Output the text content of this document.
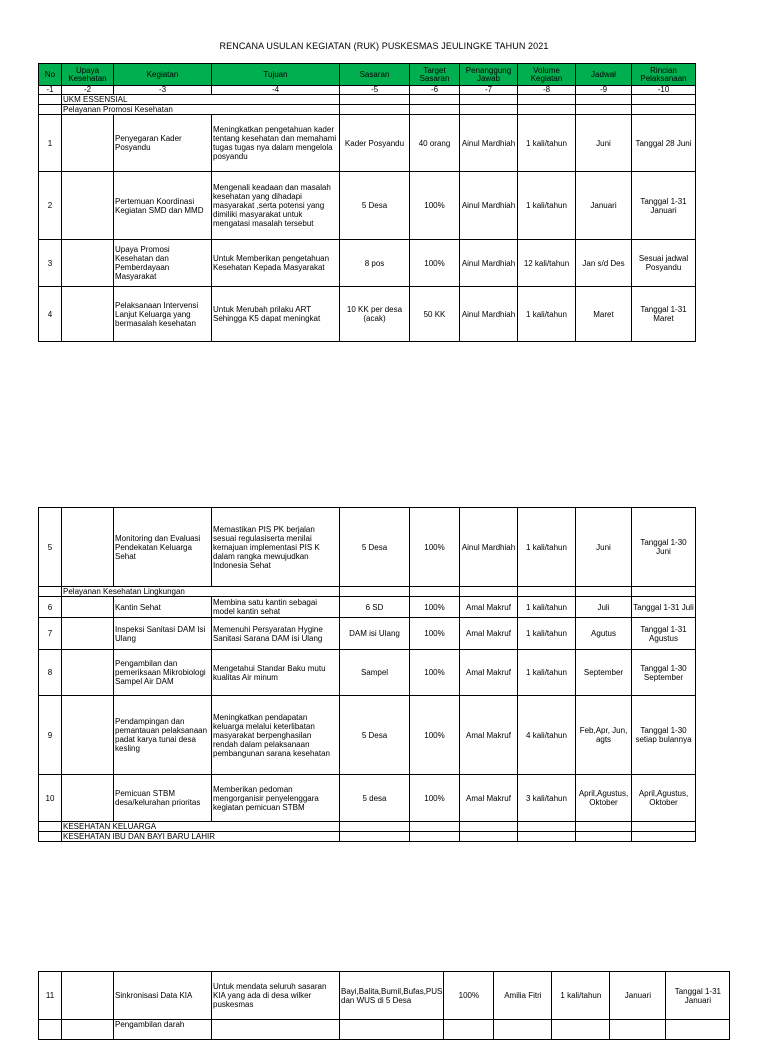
RENCANA USULAN KEGIATAN (RUK) PUSKESMAS JEULINGKE TAHUN 2021
No	Upaya Kesehatan	Kegiatan	Tujuan	Sasaran	Target Sasaran	Penanggung Jawab	Volume Kegiatan	Jadwal	Rincian Pelaksanaan
-1	-2	-3	-4	-5	-6	-7	-8	-9	-10
	UKM ESSENSIAL								
	Pelayanan Promosi Kesehatan								
1		Penyegaran Kader Posyandu	Meningkatkan pengetahuan kader tentang kesehatan dan memahami tugas tugas nya dalam mengelola posyandu	Kader Posyandu	40 orang	Ainul Mardhiah	1 kali/tahun	Juni	Tanggal 28 Juni
2		Pertemuan Koordinasi Kegiatan SMD dan MMD	Mengenali keadaan dan masalah kesehatan yang dihadapi masyarakat ,serta potensi yang dimiliki masyarakat untuk mengatasi masalah tersebut	5 Desa	100%	Ainul Mardhiah	1 kali/tahun	Januari	Tanggal 1-31 Januari
3		Upaya Promosi Kesehatan dan Pemberdayaan Masyarakat	Untuk Memberikan pengetahuan Kesehatan Kepada Masyarakat	8 pos	100%	Ainul Mardhiah	12 kali/tahun	Jan s/d Des	Sesuai jadwal Posyandu
4		Pelaksanaan Intervensi Lanjut Keluarga yang bermasalah kesehatan	Untuk Merubah prilaku ART Sehingga K5 dapat meningkat	10 KK per desa (acak)	50 KK	Ainul Mardhiah	1 kali/tahun	Maret	Tanggal 1-31 Maret
5		Monitoring dan Evaluasi Pendekatan Keluarga Sehat	Memastikan PIS PK berjalan sesuai regulasiserta menilai kemajuan implementasi PIS K dalam rangka mewujudkan Indonesia Sehat	5 Desa	100%	Ainul Mardhiah	1 kali/tahun	Juni	Tanggal 1-30 Juni
	Pelayanan Kesehatan Lingkungan								
6		Kantin Sehat	Membina satu kantin sebagai model kantin sehat	6 SD	100%	Amal Makruf	1 kali/tahun	Juli	Tanggal 1-31 Juli
7		Inspeksi Sanitasi DAM Isi Ulang	Memenuhi Persyaratan Hygine Sanitasi Sarana DAM isi Ulang	DAM isi Ulang	100%	Amal Makruf	1 kali/tahun	Agutus	Tanggal 1-31 Agustus
8		Pengambilan dan pemeriksaan Mikrobiologi Sampel Air DAM	Mengetahui Standar Baku mutu kualitas Air minum	Sampel	100%	Amal Makruf	1 kali/tahun	September	Tanggal 1-30 September
9		Pendampingan dan pemantauan pelaksanaan padat karya tunai desa kesling	Meningkatkan pendapatan keluarga melalui keterlibatan masyarakat berpenghasilan rendah dalam pelaksanaan pembangunan sarana kesehatan	5 Desa	100%	Amal Makruf	4 kali/tahun	Feb,Apr, Jun, agts	Tanggal 1-30 setiap bulannya
10		Pemicuan STBM desa/kelurahan prioritas	Memberikan pedoman mengorganisir penyelenggara kegiatan pemicuan STBM	5 desa	100%	Amal Makruf	3 kali/tahun	April,Agustus, Oktober	April,Agustus, Oktober
	KESEHATAN KELUARGA								
	KESEHATAN IBU DAN BAYI BARU LAHIR								
11		Sinkronisasi Data KIA	Untuk mendata seluruh sasaran KIA yang ada di desa wilker puskesmas	Bayi,Balita,Bumil,Bufas,PUS dan WUS di 5 Desa	100%	Amilia Fitri	1 kali/tahun	Januari	Tanggal 1-31 Januari
		Pengambilan darah							
